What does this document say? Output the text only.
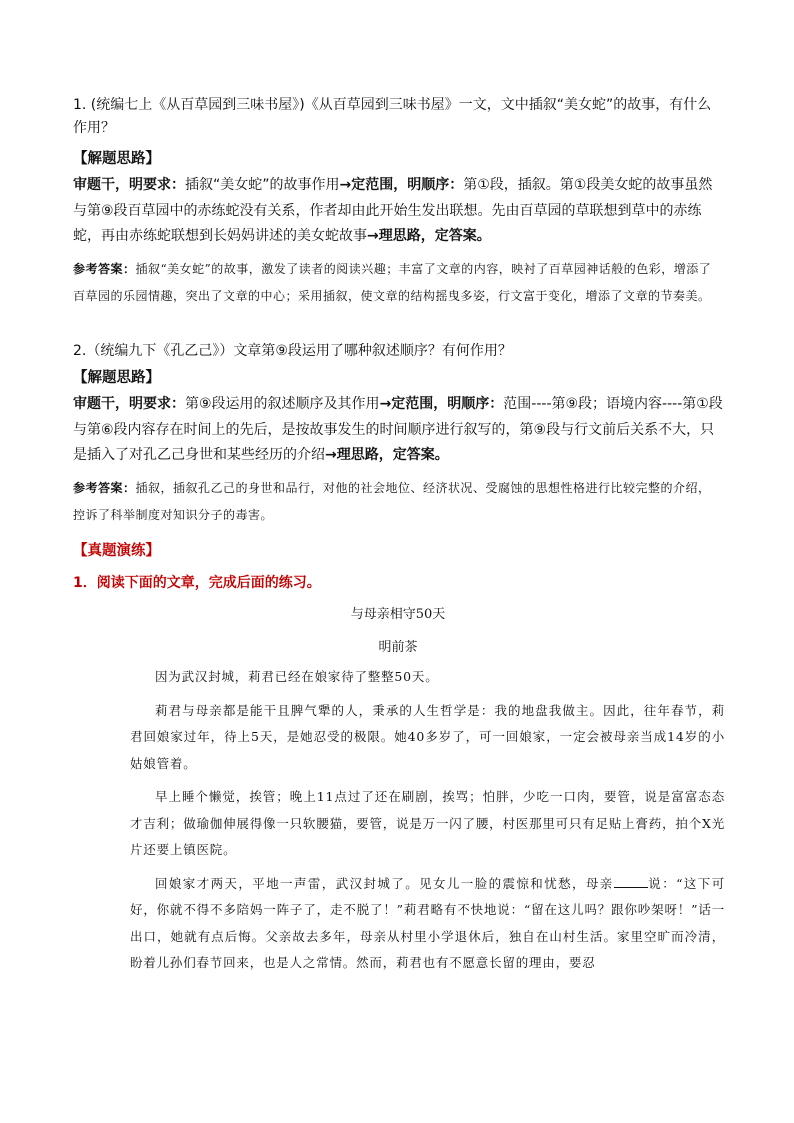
1. (统编七上《从百草园到三味书屋》)《从百草园到三味书屋》一文，文中插叙“美女蛇”的故事，有什么作用？
【解题思路】
审题干，明要求：插叙“美女蛇”的故事作用→定范围，明顺序：第①段，插叙。第①段美女蛇的故事虽然与第⑨段百草园中的赤练蛇没有关系，作者却由此开始生发出联想。先由百草园的草联想到草中的赤练蛇，再由赤练蛇联想到长妈妈讲述的美女蛇故事→理思路，定答案。
参考答案：插叙“美女蛇”的故事，激发了读者的阅读兴趣；丰富了文章的内容，映衬了百草园神话般的色彩，增添了百草园的乐园情趣，突出了文章的中心；采用插叙，使文章的结构摇曳多姿，行文富于变化，增添了文章的节奏美。
2.（统编九下《孔乙己》）文章第⑨段运用了哪种叙述顺序？有何作用？
【解题思路】
审题干，明要求：第⑨段运用的叙述顺序及其作用→定范围，明顺序：范围----第⑨段；语境内容----第①段与第⑥段内容存在时间上的先后，是按故事发生的时间顺序进行叙写的，第⑨段与行文前后关系不大，只是插入了对孔乙己身世和某些经历的介绍→理思路，定答案。
参考答案：插叙，插叙孔乙己的身世和品行，对他的社会地位、经济状况、受腐蚀的思想性格进行比较完整的介绍，控诉了科举制度对知识分子的毒害。
【真题演练】
1．阅读下面的文章，完成后面的练习。
与母亲相守50天
明前茶

因为武汉封城，莉君已经在娘家待了整整50天。

莉君与母亲都是能干且脾气犟的人，秉承的人生哲学是：我的地盘我做主。因此，往年春节，莉君回娘家过年，待上5天，是她忍受的极限。她40多岁了，可一回娘家，一定会被母亲当成14岁的小姑娘管着。

早上睡个懒觉，挨管；晚上11点过了还在刷剧，挨骂；怕胖，少吃一口肉，要管，说是富富态态才吉利；做瑜伽伸展得像一只软腰猫，要管，说是万一闪了腰，村医那里可只有足贴上膏药，拍个X光片还要上镇医院。

回娘家才两天，平地一声雷，武汉封城了。见女儿一脸的震惊和忧愁，母亲	说：“这下可好，你就不得不多陪妈一阵子了，走不脱了！”莉君略有不快地说：“留在这儿吗？跟你吵架呀！”话一出口，她就有点后悔。父亲故去多年，母亲从村里小学退休后，独自在山村生活。家里空旷而冷清，盼着儿孙们春节回来，也是人之常情。然而，莉君也有不愿意长留的理由，要忍
